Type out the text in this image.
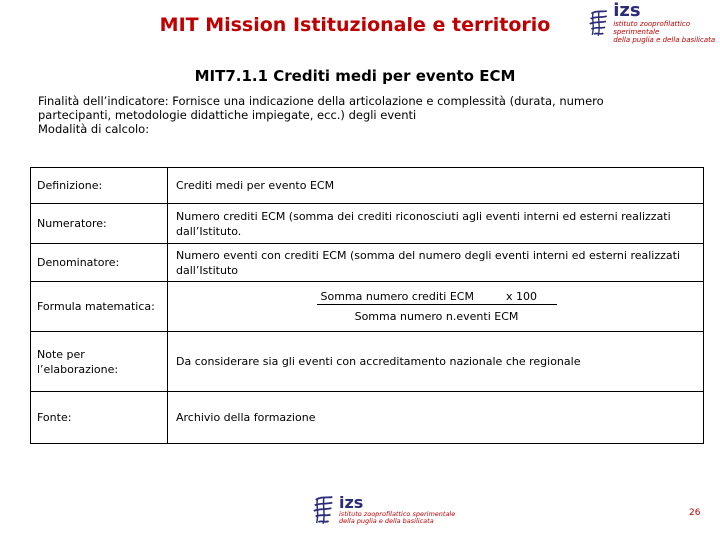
MIT Mission Istituzionale e territorio
izs
istituto zooprofilattico sperimentale
della puglia e della basilicata
MIT7.1.1 Crediti medi per evento ECM
Finalità dell’indicatore: Fornisce una indicazione della articolazione e complessità (durata, numero
partecipanti, metodologie didattiche impiegate, ecc.) degli eventi
Modalità di calcolo:
Definizione:	Crediti medi per evento ECM
Numeratore:	Numero crediti ECM (somma dei crediti riconosciuti agli eventi interni ed esterni realizzati dall’Istituto.
Denominatore:	Numero eventi con crediti ECM (somma del numero degli eventi interni ed esterni realizzati dall’Istituto
Formula matematica:	Somma numero crediti ECM x 100
Somma numero n.eventi ECM

Note per l’elaborazione:	Da considerare sia gli eventi con accreditamento nazionale che regionale
Fonte:	Archivio della formazione
izs
istituto zooprofilattico sperimentale
della puglia e della basilicata
26
